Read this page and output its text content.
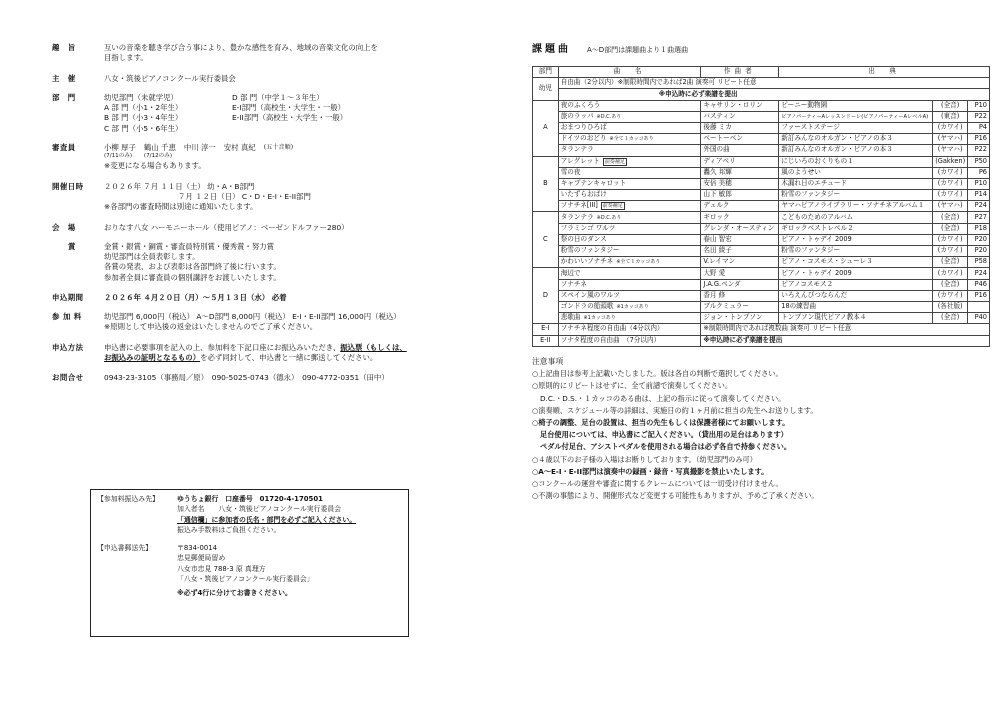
趣　旨	互いの音楽を聴き学び合う事により、豊かな感性を育み、地域の音楽文化の向上を
目指します。
主　催	八女・筑後ピアノコンクール実行委員会
部　門	幼児部門（未就学児）	D 部 門（中学１～３年生）
A 部 門（小1・2年生）	E-I部門（高校生・大学生・一般）
B 部 門（小3・4年生）	E-II部門（高校生・大学生・一般）
C 部 門（小5・6年生）
審査員	小柳 厚子
(7/11のみ)
鶴山 千恵
(7/12のみ)
中川 淳一 安村 真紀 (五十音順)
※変更になる場合もあります。
開催日時	２０２６年 ７月 １１日（土） 幼・A・B部門
７月 １２日（日） C・D・E-I・E-II部門
※各部門の審査時間は別途に通知いたします。
会　場	おりなす八女 ハーモニーホール（使用ピアノ：ベーゼンドルファー280）
賞	金賞・銀賞・銅賞・審査員特別賞・優秀賞・努力賞
幼児部門は全員表彰します。
各賞の発表、および表彰は各部門終了後に行います。
参加者全員に審査員の個別講評をお渡しいたします。
申込期間	２０２６年 ４月２０日（月）～５月１３日（水） 必着
参 加 料	幼児部門 6,000円（税込） A～D部門 8,000円（税込） E-I・E-II部門 16,000円（税込）
※原則として申込後の返金はいたしませんのでご了承ください。
申込方法	申込書に必要事項を記入の上、参加料を下記口座にお振込みいただき、振込票（もしくは、
お振込みの証明となるもの）を必ず同封して、申込書と一緒に郵送してください。
お問合せ	0943-23-3105（事務局／原）　090-5025-0743（德永）　090-4772-0351（田中）
【参加料振込み先】	ゆうちょ銀行　口座番号　01720-4-170501
加入者名　　八女・筑後ピアノコンクール実行委員会
「通信欄」に参加者の氏名・部門を必ずご記入ください。
振込み手数料はご負担ください。
【申込書郵送先】	〒834-0014
忠見郵便局留め
八女市忠見 788-3 原 真理方
「八女・筑後ピアノコンクール実行委員会」
※必ず4行に分けてお書きください。
課題曲 A～D部門は課題曲より１曲選曲
部門	曲　名	作曲者	出　典		
幼児	自由曲（2分以内）※制限時間内であれば2曲 演奏可 リピート任意				
	※申込時に必ず楽譜を提出				
A	夜のふくろう	キャサリン・ロリン	ピーニー動物園	(全音)	P10
	旅のラッパ ※D.C.あり	バスティン	ピアノパーティーAレッスンドーレ(ピアノパーティーAレベルA)	(東音)	P22
	おまつりひろば	後藤 ミカ	ファーストステージ	(カワイ)	P4
	ドイツのおどり ※全て１カッコあり	ベートーベン	新訂みんなのオルガン・ピアノの本３	(ヤマハ)	P16
	タランテラ	外国の曲	新訂みんなのオルガン・ピアノの本３	(ヤマハ)	P22
B	アレグレット 前奏補足	ディアベリ	にじいろのおくりもの１	(Gakken)	P50
	雪の夜	轟久 邦輝	風のようせい	(カワイ)	P6
	キャプテンキャロット	安倍 美穂	木漏れ日のエチュード	(カワイ)	P10
	いたずらおばけ	山下 敏郎	粉雪のファンタジー	(カワイ)	P14
	ソナチネ[III] 前奏補足	デュルク	ヤマハピアノライブラリー・ソナチネアルバム１	(ヤマハ)	P24
C	タランテラ ※D.C.あり	ギロック	こどものためのアルバム	(全音)	P27
	フラミンゴ ワルツ	グレンダ・オースティン	ギロックベストレベル２	(全音)	P18
	祭の日のダンス	春山 智宏	ピアノ・トゥデイ 2009	(カワイ)	P20
	粉雪のファンタジー	名田 綾子	粉雪のファンタジー	(カワイ)	P20
	かわいいソナチネ ※全て１カッコあり	V.レイマン	ピアノ・コスモス・シューレ３	(全音)	P58
D	海辺で	大野 愛	ピアノ・トゥデイ 2009	(カワイ)	P24
	ソナチネ	J.A.G.ベンダ	ピアノコスモス２	(全音)	P46
	スペイン風のワルツ	香月 修	いろえんぴつならんだ	(カワイ)	P16
	ゴンドラの船頭歌 ※1カッコあり	ブルクミュラー	18の練習曲	(各社版)	
	悲歌曲 ※1カッコあり	ジョン・トンプソン	トンプソン現代ピアノ教本４	(全音)	P40
E-I	ソナチネ程度の自由曲（4分以内）	※制限時間内であれば複数曲 演奏可 リピート任意			
E-II	ソナタ程度の自由曲　（7分以内）	※申込時に必ず楽譜を提出			
注意事項
○上記曲目は参考上記載いたしました。版は各自の判断で選択してください。
○原則的にリピートはせずに、全て前譜で演奏してください。
D.C.・D.S.・１カッコのある曲は、上記の指示に従って演奏してください。
○演奏順、スケジュール等の詳細は、実施日の約１ヶ月前に担当の先生へお送りします。
○椅子の調整、足台の設置は、担当の先生もしくは保護者様にてお願いします。
足台使用については、申込書にご記入ください。（貸出用の足台はあります）
ペダル付足台、アシストペダルを使用される場合は必ず各自で持参ください。
○４歳以下のお子様の入場はお断りしております。（幼児部門のみ可）
○A～E-I・E-II部門は演奏中の録画・録音・写真撮影を禁止いたします。
○コンクールの運営や審査に関するクレームについては一切受け付けません。
○不測の事態により、開催形式など変更する可能性もありますが、予めご了承ください。
